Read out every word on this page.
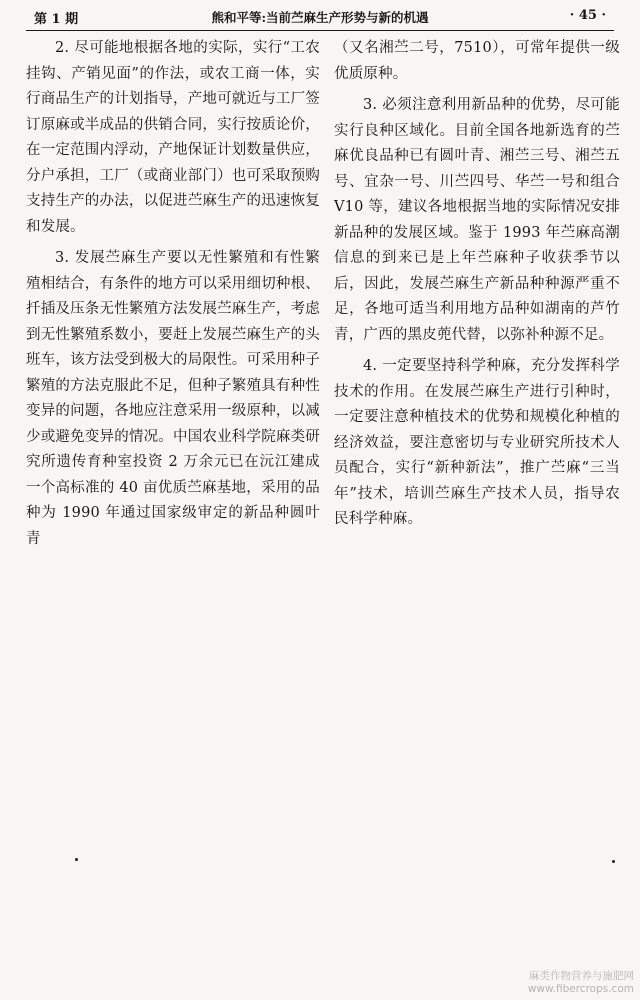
第 1 期	熊和平等:当前苎麻生产形势与新的机遇	· 45 ·

2. 尽可能地根据各地的实际，实行“工农挂钩、产销见面”的作法，或农工商一体，实行商品生产的计划指导，产地可就近与工厂签订原麻或半成品的供销合同，实行按质论价，在一定范围内浮动，产地保证计划数量供应，分户承担，工厂（或商业部门）也可采取预购支持生产的办法，以促进苎麻生产的迅速恢复和发展。

3. 发展苎麻生产要以无性繁殖和有性繁殖相结合，有条件的地方可以采用细切种根、扦插及压条无性繁殖方法发展苎麻生产，考虑到无性繁殖系数小，要赶上发展苎麻生产的头班车，该方法受到极大的局限性。可采用种子繁殖的方法克服此不足，但种子繁殖具有种性变异的问题，各地应注意采用一级原种，以减少或避免变异的情况。中国农业科学院麻类研究所遗传育种室投资 2 万余元已在沅江建成一个高标准的 40 亩优质苎麻基地，采用的品种为 1990 年通过国家级审定的新品种圆叶青

（又名湘苎二号，7510），可常年提供一级优质原种。

3. 必须注意利用新品种的优势，尽可能实行良种区域化。目前全国各地新选育的苎麻优良品种已有圆叶青、湘苎三号、湘苎五号、宜杂一号、川苎四号、华苎一号和组合 V10 等，建议各地根据当地的实际情况安排新品种的发展区域。鉴于 1993 年苎麻高潮信息的到来已是上年苎麻种子收获季节以后，因此，发展苎麻生产新品种种源严重不足，各地可适当利用地方品种如湖南的芦竹青，广西的黑皮蔸代替，以弥补种源不足。

4. 一定要坚持科学种麻，充分发挥科学技术的作用。在发展苎麻生产进行引种时，一定要注意种植技术的优势和规模化种植的经济效益，要注意密切与专业研究所技术人员配合，实行“新种新法”，推广苎麻“三当年”技术，培训苎麻生产技术人员，指导农民科学种麻。

麻类作物营养与施肥网
www.fibercrops.com
